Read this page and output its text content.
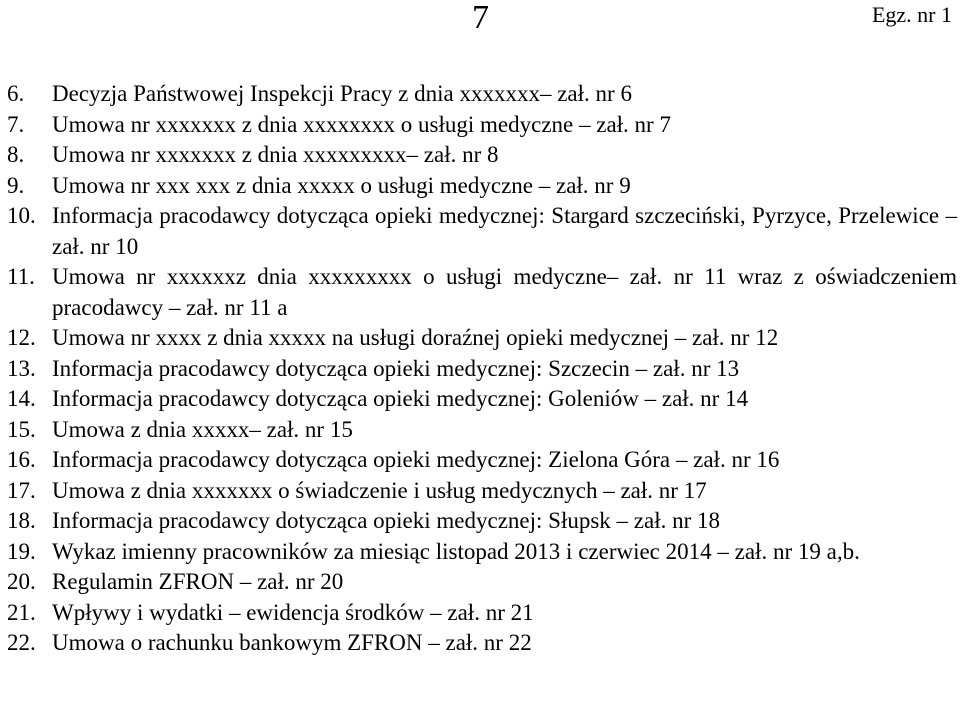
7	Egz. nr 1
6.	Decyzja Państwowej Inspekcji Pracy z dnia xxxxxxx– zał. nr 6
7.	Umowa nr xxxxxxx z dnia xxxxxxxx o usługi medyczne – zał. nr 7
8.	Umowa nr xxxxxxx z dnia xxxxxxxxx– zał. nr 8
9.	Umowa nr xxx xxx z dnia xxxxx o usługi medyczne – zał. nr 9
10. Informacja pracodawcy dotycząca opieki medycznej: Stargard szczeciński, Pyrzyce, Przelewice – zał. nr 10
11. Umowa nr xxxxxxz dnia xxxxxxxxx o usługi medyczne– zał. nr 11 wraz z oświadczeniem pracodawcy – zał. nr 11 a
12. Umowa nr xxxx z dnia xxxxx na usługi doraźnej opieki medycznej – zał. nr 12
13. Informacja pracodawcy dotycząca opieki medycznej: Szczecin – zał. nr 13
14. Informacja pracodawcy dotycząca opieki medycznej: Goleniów – zał. nr 14
15. Umowa z dnia xxxxx– zał. nr 15
16. Informacja pracodawcy dotycząca opieki medycznej: Zielona Góra – zał. nr 16
17. Umowa z dnia xxxxxxx o świadczenie i usług medycznych – zał. nr 17
18. Informacja pracodawcy dotycząca opieki medycznej: Słupsk – zał. nr 18
19. Wykaz imienny pracowników za miesiąc listopad 2013 i czerwiec 2014 – zał. nr 19 a,b.
20. Regulamin ZFRON – zał. nr 20
21. Wpływy i wydatki – ewidencja środków – zał. nr 21
22. Umowa o rachunku bankowym ZFRON – zał. nr 22
